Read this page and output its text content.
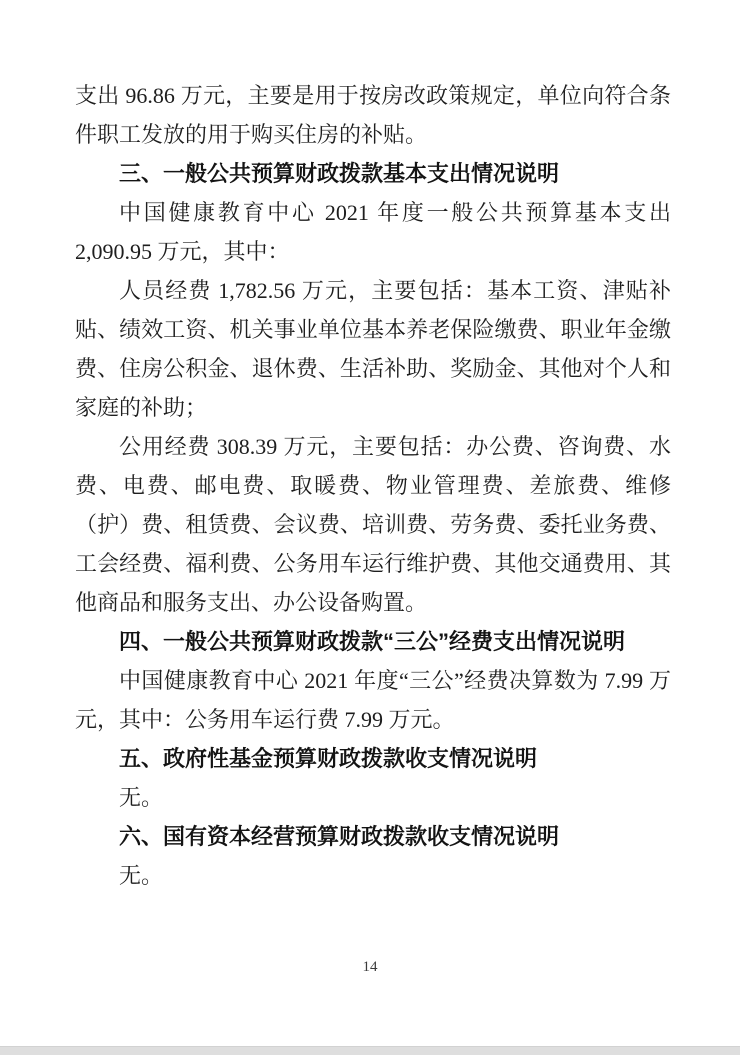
支出 96.86 万元，主要是用于按房改政策规定，单位向符合条件职工发放的用于购买住房的补贴。

三、一般公共预算财政拨款基本支出情况说明

中国健康教育中心 2021 年度一般公共预算基本支出 2,090.95 万元，其中：

人员经费 1,782.56 万元，主要包括：基本工资、津贴补贴、绩效工资、机关事业单位基本养老保险缴费、职业年金缴费、住房公积金、退休费、生活补助、奖励金、其他对个人和家庭的补助；

公用经费 308.39 万元，主要包括：办公费、咨询费、水费、电费、邮电费、取暖费、物业管理费、差旅费、维修（护）费、租赁费、会议费、培训费、劳务费、委托业务费、工会经费、福利费、公务用车运行维护费、其他交通费用、其他商品和服务支出、办公设备购置。

四、一般公共预算财政拨款“三公”经费支出情况说明

中国健康教育中心 2021 年度“三公”经费决算数为 7.99 万元，其中：公务用车运行费 7.99 万元。

五、政府性基金预算财政拨款收支情况说明

无。

六、国有资本经营预算财政拨款收支情况说明

无。

14
